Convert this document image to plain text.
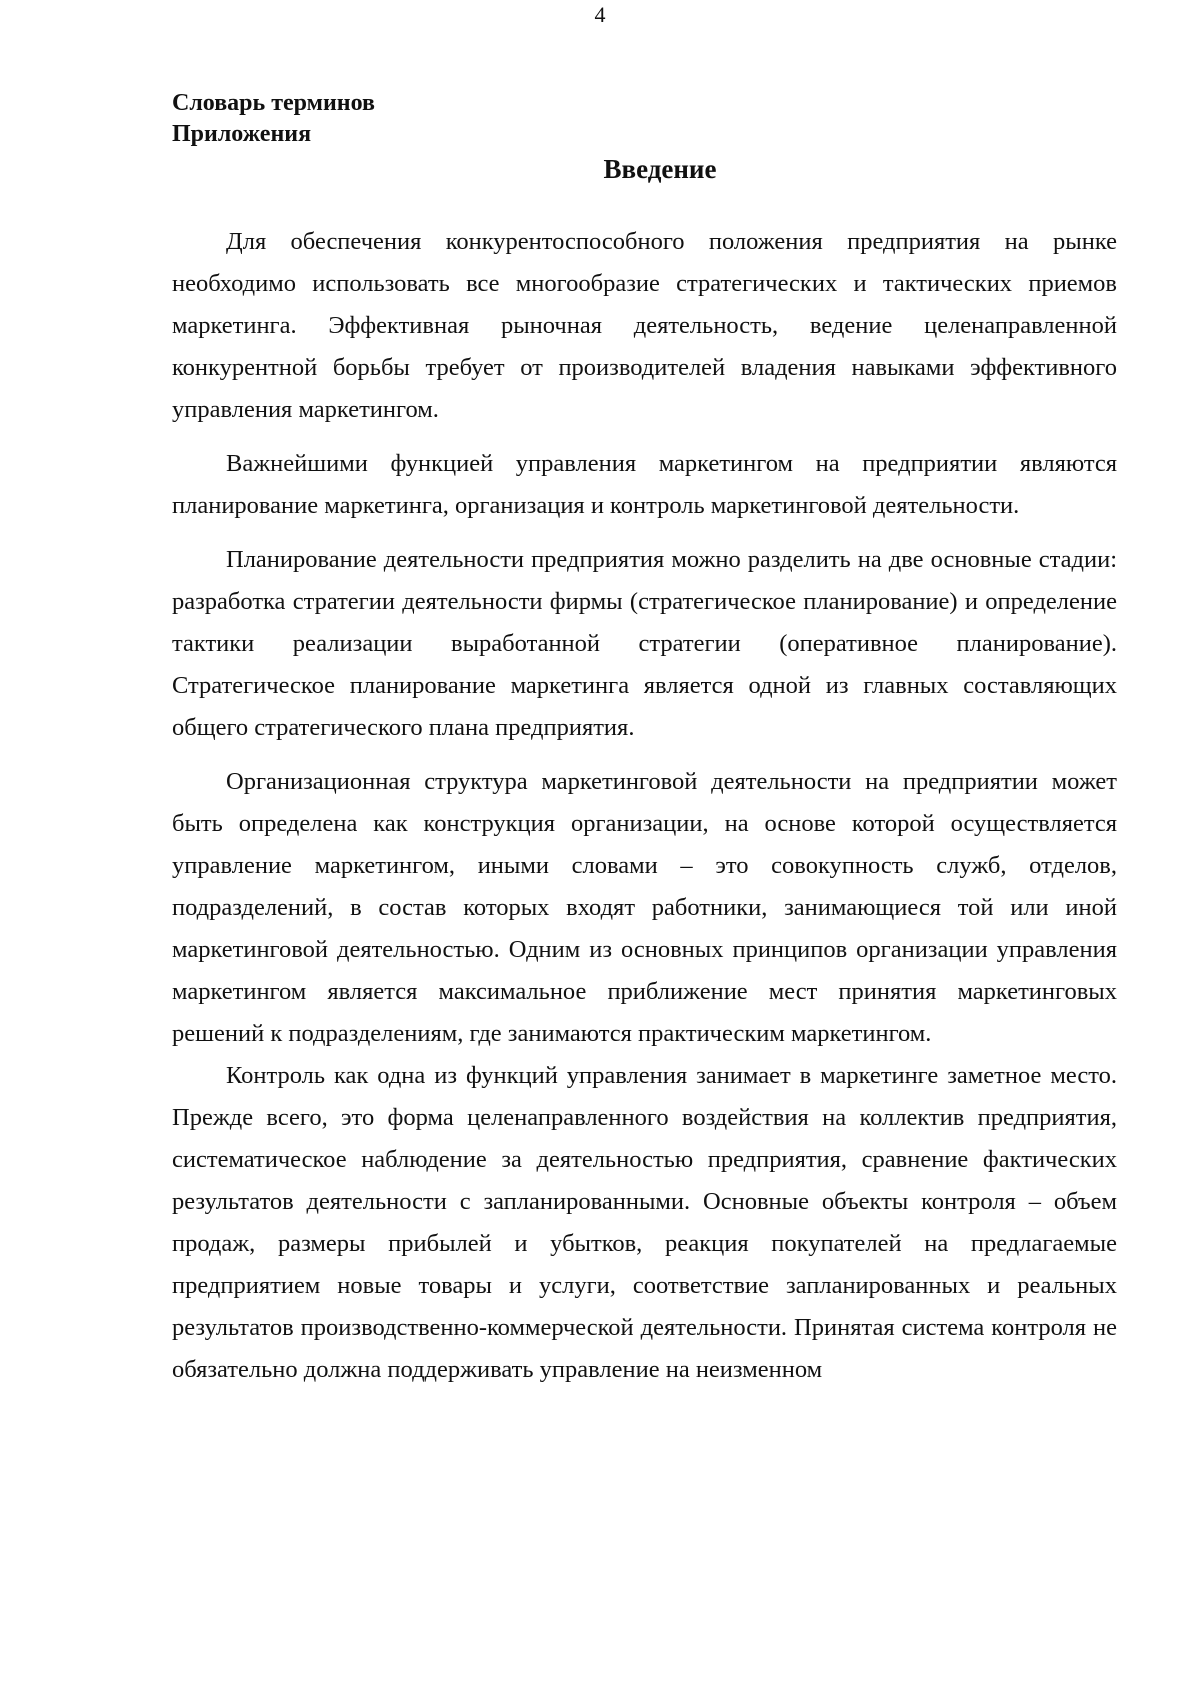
4
Словарь терминов
Приложения
Введение

Для обеспечения конкурентоспособного положения предприятия на рынке необходимо использовать все многообразие стратегических и тактических приемов маркетинга. Эффективная рыночная деятельность, ведение целенаправленной конкурентной борьбы требует от производителей владения навыками эффективного управления маркетингом.

Важнейшими функцией управления маркетингом на предприятии являются планирование маркетинга, организация и контроль маркетинговой деятельности.

Планирование деятельности предприятия можно разделить на две основные стадии: разработка стратегии деятельности фирмы (стратегическое планирование) и определение тактики реализации выработанной стратегии (оперативное планирование). Стратегическое планирование маркетинга является одной из главных составляющих общего стратегического плана предприятия.

Организационная структура маркетинговой деятельности на предприятии может быть определена как конструкция организации, на основе которой осуществляется управление маркетингом, иными словами – это совокупность служб, отделов, подразделений, в состав которых входят работники, занимающиеся той или иной маркетинговой деятельностью. Одним из основных принципов организации управления маркетингом является максимальное приближение мест принятия маркетинговых решений к подразделениям, где занимаются практическим маркетингом.

Контроль как одна из функций управления занимает в маркетинге заметное место. Прежде всего, это форма целенаправленного воздействия на коллектив предприятия, систематическое наблюдение за деятельностью предприятия, сравнение фактических результатов деятельности с запланированными. Основные объекты контроля – объем продаж, размеры прибылей и убытков, реакция покупателей на предлагаемые предприятием новые товары и услуги, соответствие запланированных и реальных результатов производственно-коммерческой деятельности. Принятая система контроля не обязательно должна поддерживать управление на неизменном
